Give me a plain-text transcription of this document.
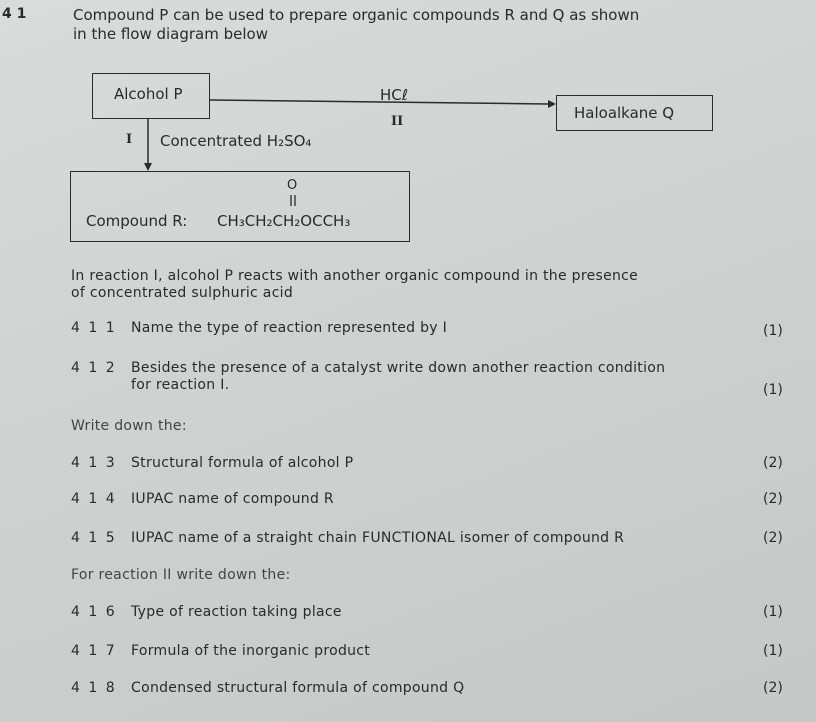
4 1	Compound P can be used to prepare organic compounds R and Q as shown
in the flow diagram below
Alcohol P	HCℓ
II	Haloalkane Q
I Concentrated H₂SO₄
O
Compound R: CH₃CH₂CH₂OCCH₃
In reaction I, alcohol P reacts with another organic compound in the presence
of concentrated sulphuric acid
4 1 1 Name the type of reaction represented by I	(1)
4 1 2 Besides the presence of a catalyst write down another reaction condition
for reaction I.	(1)
Write down the:
4 1 3 Structural formula of alcohol P	(2)
4 1 4 IUPAC name of compound R	(2)
4 1 5 IUPAC name of a straight chain FUNCTIONAL isomer of compound R	(2)
For reaction II write down the:
4 1 6 Type of reaction taking place	(1)
4 1 7 Formula of the inorganic product	(1)
4 1 8 Condensed structural formula of compound Q	(2)
